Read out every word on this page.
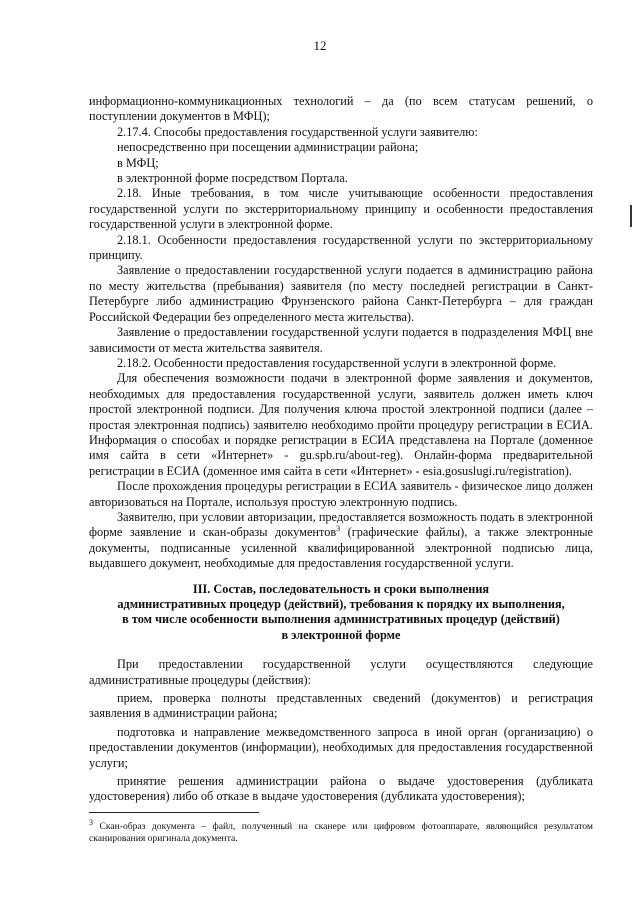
12

информационно-коммуникационных технологий – да (по всем статусам решений, о поступлении документов в МФЦ);

2.17.4. Способы предоставления государственной услуги заявителю:

непосредственно при посещении администрации района;

в МФЦ;

в электронной форме посредством Портала.

2.18. Иные требования, в том числе учитывающие особенности предоставления государственной услуги по экстерриториальному принципу и особенности предоставления государственной услуги в электронной форме.

2.18.1. Особенности предоставления государственной услуги по экстерриториальному принципу.

Заявление о предоставлении государственной услуги подается в администрацию района по месту жительства (пребывания) заявителя (по месту последней регистрации в Санкт-Петербурге либо администрацию Фрунзенского района Санкт-Петербурга – для граждан Российской Федерации без определенного места жительства).

Заявление о предоставлении государственной услуги подается в подразделения МФЦ вне зависимости от места жительства заявителя.

2.18.2. Особенности предоставления государственной услуги в электронной форме.

Для обеспечения возможности подачи в электронной форме заявления и документов, необходимых для предоставления государственной услуги, заявитель должен иметь ключ простой электронной подписи. Для получения ключа простой электронной подписи (далее – простая электронная подпись) заявителю необходимо пройти процедуру регистрации в ЕСИА. Информация о способах и порядке регистрации в ЕСИА представлена на Портале (доменное имя сайта в сети «Интернет» - gu.spb.ru/about-reg). Онлайн-форма предварительной регистрации в ЕСИА (доменное имя сайта в сети «Интернет» - esia.gosuslugi.ru/registration).

После прохождения процедуры регистрации в ЕСИА заявитель - физическое лицо должен авторизоваться на Портале, используя простую электронную подпись.

Заявителю, при условии авторизации, предоставляется возможность подать в электронной форме заявление и скан-образы документов$^3$ (графические файлы), а также электронные документы, подписанные усиленной квалифицированной электронной подписью лица, выдавшего документ, необходимые для предоставления государственной услуги.

III. Состав, последовательность и сроки выполнения
административных процедур (действий), требования к порядку их выполнения,
в том числе особенности выполнения административных процедур (действий)
в электронной форме

При предоставлении государственной услуги осуществляются следующие административные процедуры (действия):

прием, проверка полноты представленных сведений (документов) и регистрация заявления в администрации района;

подготовка и направление межведомственного запроса в иной орган (организацию) о предоставлении документов (информации), необходимых для предоставления государственной услуги;

принятие решения администрации района о выдаче удостоверения (дубликата удостоверения) либо об отказе в выдаче удостоверения (дубликата удостоверения);

$^3$ Скан-образ документа – файл, полученный на сканере или цифровом фотоаппарате, являющийся результатом сканирования оригинала документа.
